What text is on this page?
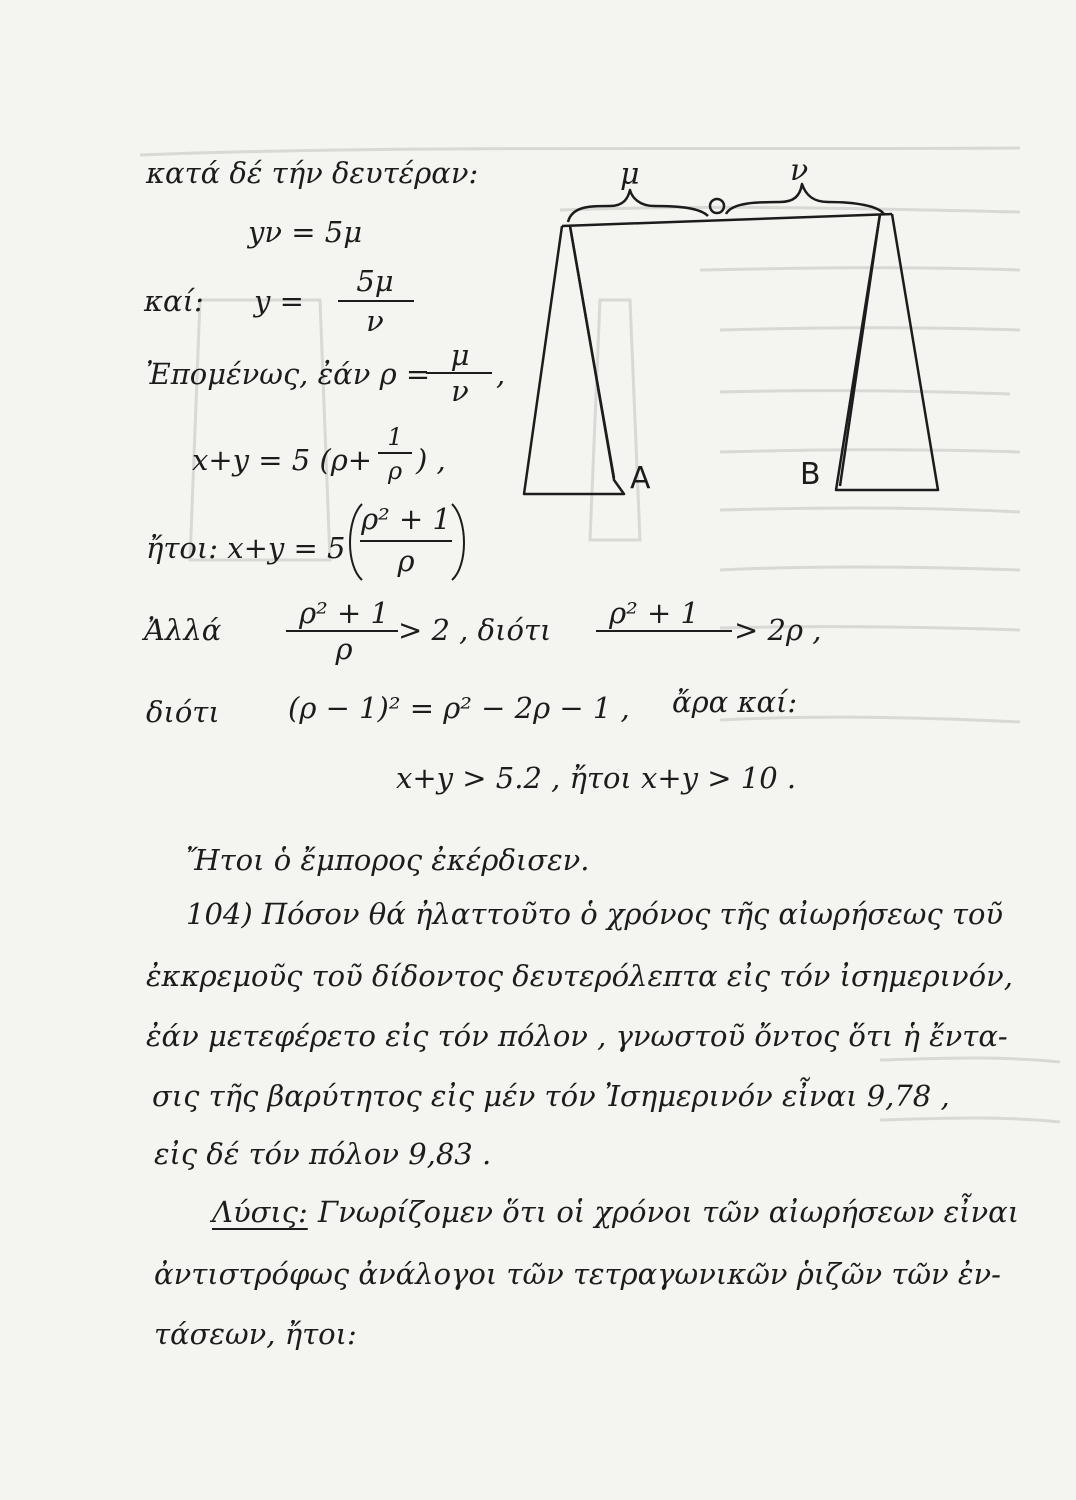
κατά δέ τήν δευτέραν:
yν = 5μ
καί: y =
5μ
ν
Ἐπομένως, ἐάν ρ =
μ
ν ,
x+y = 5 (ρ+
1
ρ ) ,
ἤτοι: x+y = 5
ρ² + 1
ρ
Ἀλλά	ρ² + 1
ρ
> 2 , διότι ρ² + 1 > 2ρ ,
διότι (ρ − 1)² = ρ² − 2ρ − 1 , ἄρα καί:
x+y > 5.2 , ἤτοι x+y > 10 .
Ἤτοι ὁ ἔμπορος ἐκέρδισεν.
104) Πόσον θά ἠλαττοῦτο ὁ χρόνος τῆς αἰωρήσεως τοῦ
ἐκκρεμοῦς τοῦ δίδοντος δευτερόλεπτα εἰς τόν ἰσημερινόν,
ἐάν μετεφέρετο εἰς τόν πόλον , γνωστοῦ ὄντος ὅτι ἡ ἔντα-
σις τῆς βαρύτητος εἰς μέν τόν Ἰσημερινόν εἶναι 9,78 ,
εἰς δέ τόν πόλον 9,83 .
Λύσις: Γνωρίζομεν ὅτι οἱ χρόνοι τῶν αἰωρήσεων εἶναι
ἀντιστρόφως ἀνάλογοι τῶν τετραγωνικῶν ῥιζῶν τῶν ἐν-
τάσεων, ἤτοι:
μ	ν
A	B
